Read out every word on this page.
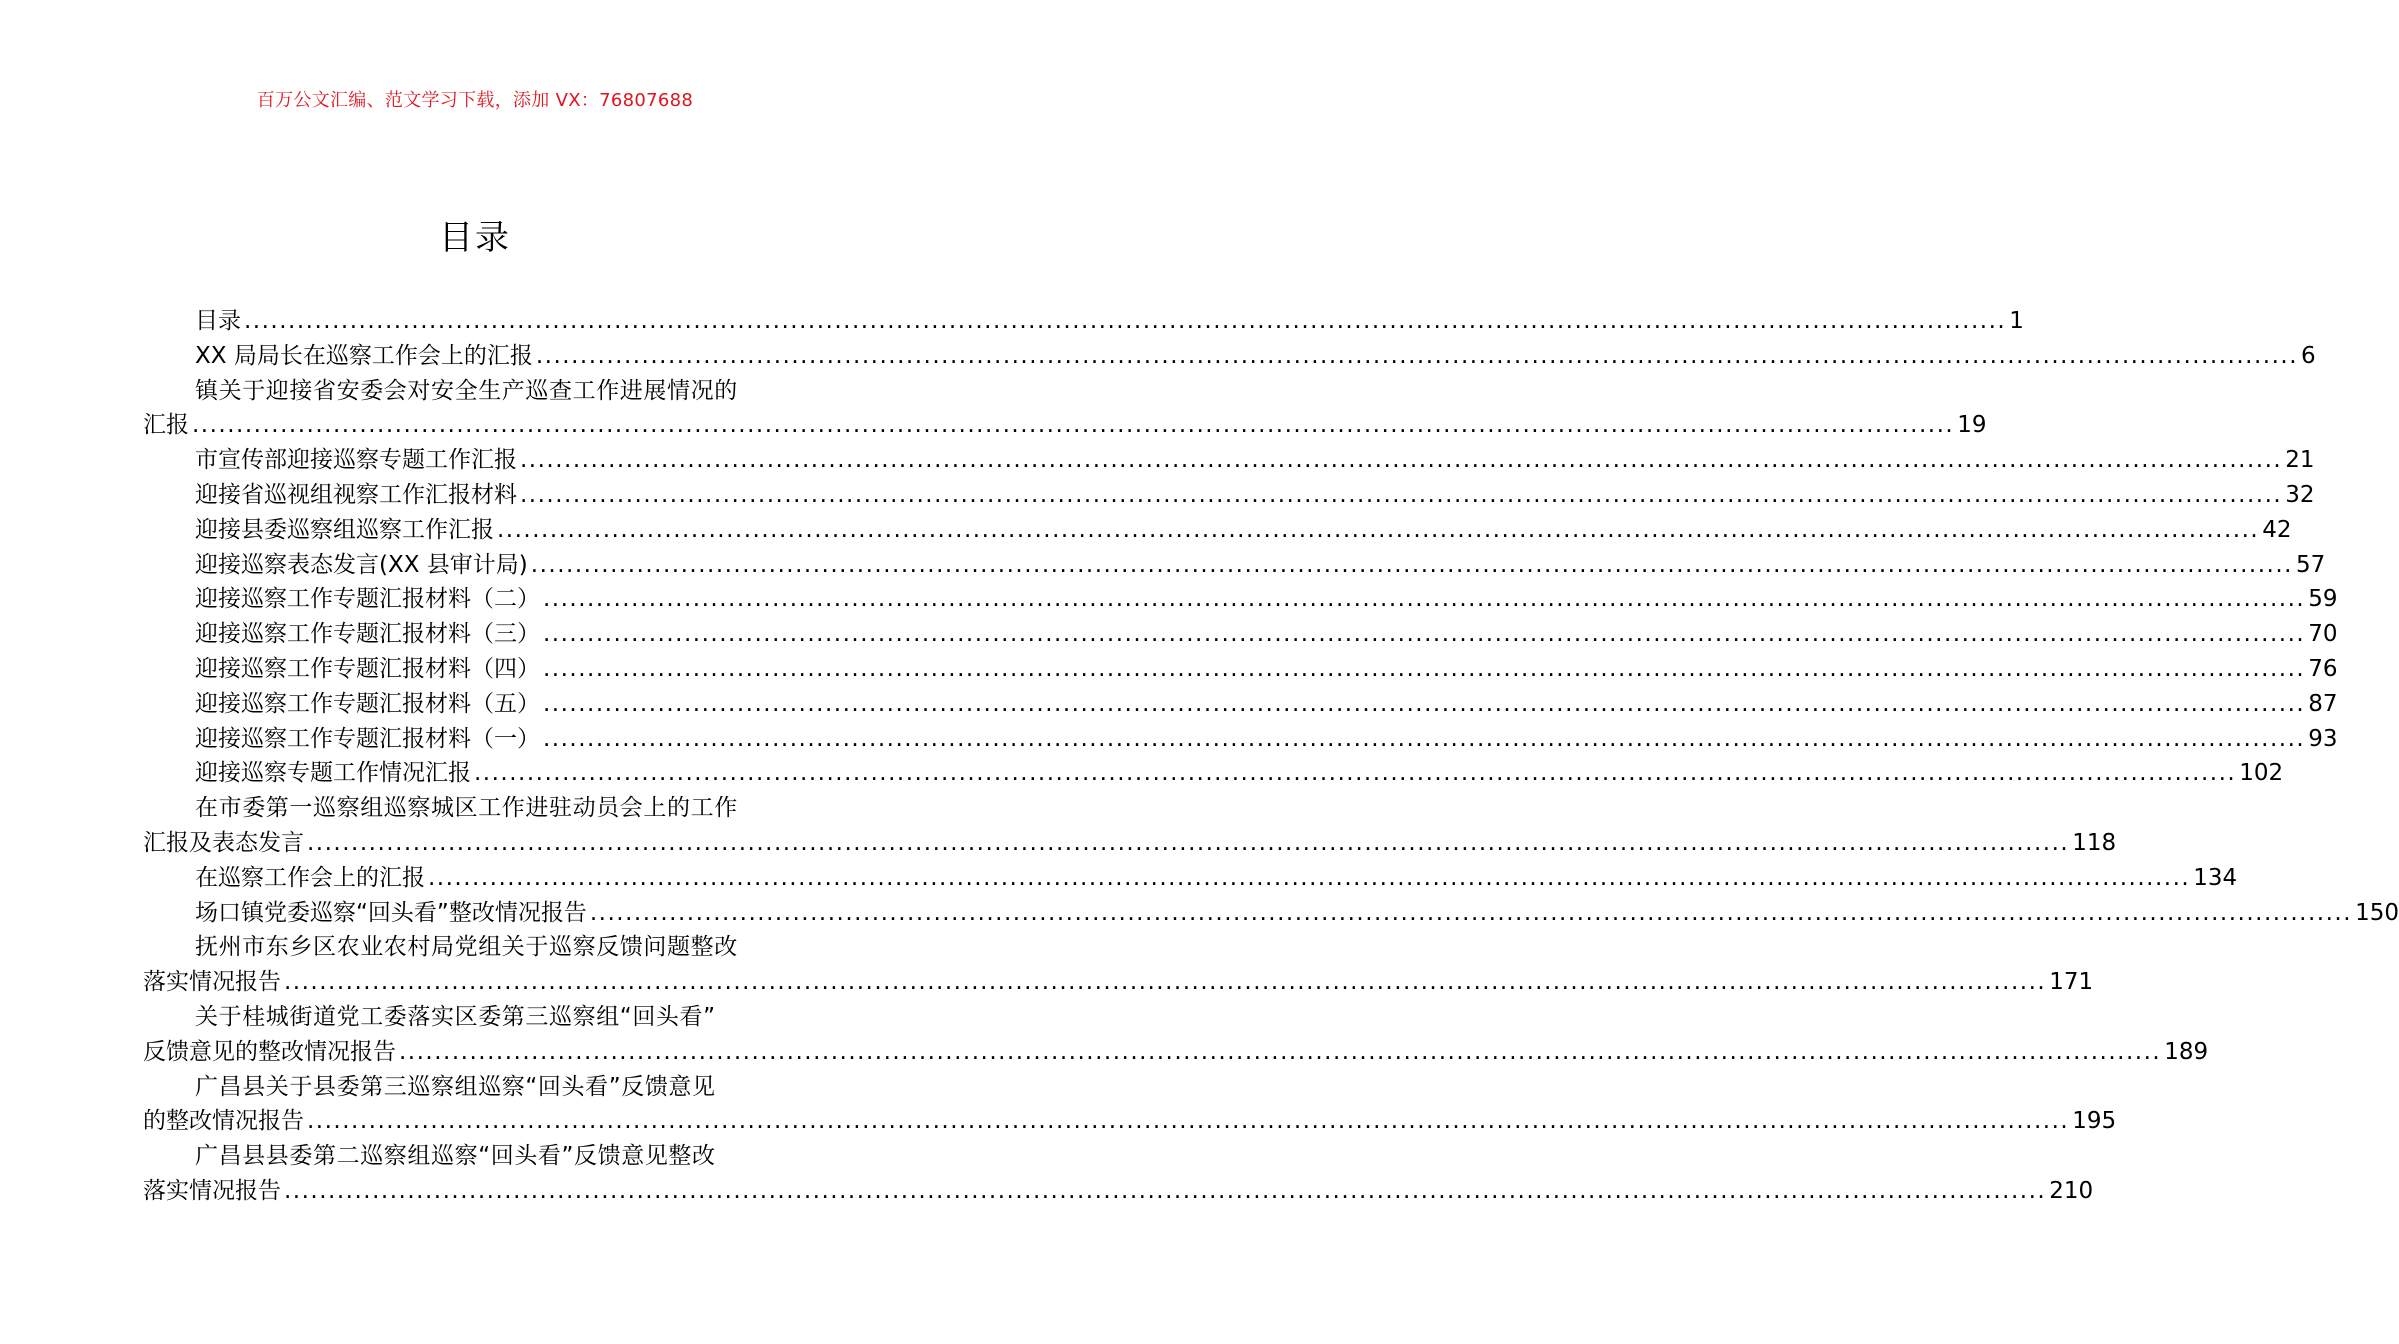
百万公文汇编、范文学习下载，添加 VX：76807688
目录
目录 ........................................................................................................................................................................................................ 1
XX 局局长在巡察工作会上的汇报 ........................................................................................................................................................................................................ 6
镇关于迎接省安委会对安全生产巡查工作进展情况的
汇报 ........................................................................................................................................................................................................ 19
市宣传部迎接巡察专题工作汇报 ........................................................................................................................................................................................................ 21
迎接省巡视组视察工作汇报材料 ........................................................................................................................................................................................................ 32
迎接县委巡察组巡察工作汇报 ........................................................................................................................................................................................................ 42
迎接巡察表态发言(XX 县审计局) ........................................................................................................................................................................................................ 57
迎接巡察工作专题汇报材料（二） ........................................................................................................................................................................................................ 59
迎接巡察工作专题汇报材料（三） ........................................................................................................................................................................................................ 70
迎接巡察工作专题汇报材料（四） ........................................................................................................................................................................................................ 76
迎接巡察工作专题汇报材料（五） ........................................................................................................................................................................................................ 87
迎接巡察工作专题汇报材料（一） ........................................................................................................................................................................................................ 93
迎接巡察专题工作情况汇报 ........................................................................................................................................................................................................ 102
在市委第一巡察组巡察城区工作进驻动员会上的工作
汇报及表态发言 ........................................................................................................................................................................................................ 118
在巡察工作会上的汇报 ........................................................................................................................................................................................................ 134
场口镇党委巡察“回头看”整改情况报告 ........................................................................................................................................................................................................ 150
抚州市东乡区农业农村局党组关于巡察反馈问题整改
落实情况报告 ........................................................................................................................................................................................................ 171
关于桂城街道党工委落实区委第三巡察组“回头看”
反馈意见的整改情况报告 ........................................................................................................................................................................................................ 189
广昌县关于县委第三巡察组巡察“回头看”反馈意见
的整改情况报告 ........................................................................................................................................................................................................ 195
广昌县县委第二巡察组巡察“回头看”反馈意见整改
落实情况报告 ........................................................................................................................................................................................................ 210
